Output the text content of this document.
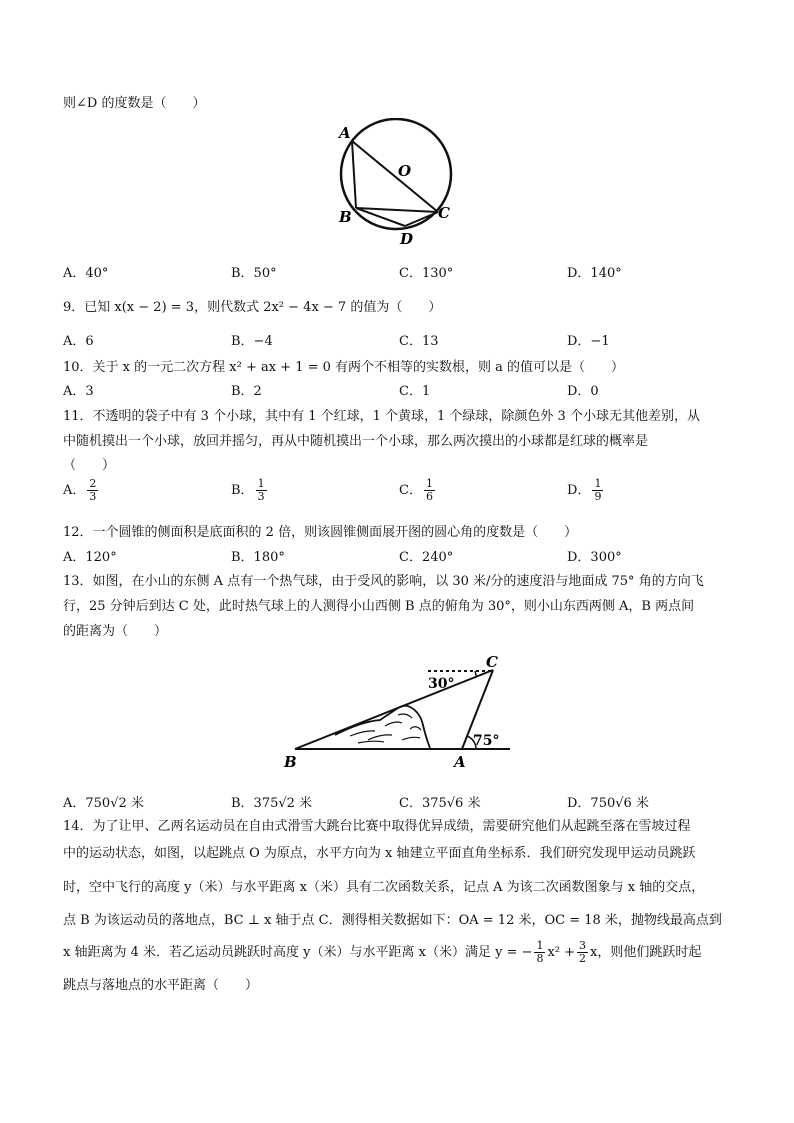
则∠D 的度数是（　　）
A
O
B	C
D
A．40°	B．50°	C．130°	D．140°
9．已知 x(x − 2) = 3，则代数式 2x² − 4x − 7 的值为（　　）
A．6	B．−4	C．13	D．−1
10．关于 x 的一元二次方程 x² + ax + 1 = 0 有两个不相等的实数根，则 a 的值可以是（　　）
A．3	B．2	C．1	D．0
11．不透明的袋子中有 3 个小球，其中有 1 个红球，1 个黄球，1 个绿球，除颜色外 3 个小球无其他差别，从
中随机摸出一个小球，放回并摇匀，再从中随机摸出一个小球，那么两次摸出的小球都是红球的概率是
（　　）
A． $\frac{2}{3}$	B． $\frac{1}{3}$	C． $\frac{1}{6}$	D． $\frac{1}{9}$
12．一个圆锥的侧面积是底面积的 2 倍，则该圆锥侧面展开图的圆心角的度数是（　　）
A．120°	B．180°	C．240°	D．300°
13．如图，在小山的东侧 A 点有一个热气球，由于受风的影响，以 30 米/分的速度沿与地面成 75° 角的方向飞
行，25 分钟后到达 C 处，此时热气球上的人测得小山西侧 B 点的俯角为 30°，则小山东西两侧 A，B 两点间
的距离为（　　）
C
B	A
30°
75°
A．750√2 米	B．375√2 米	C．375√6 米	D．750√6 米
14．为了让甲、乙两名运动员在自由式滑雪大跳台比赛中取得优异成绩，需要研究他们从起跳至落在雪坡过程
中的运动状态，如图，以起跳点 O 为原点，水平方向为 x 轴建立平面直角坐标系．我们研究发现甲运动员跳跃
时，空中飞行的高度 y（米）与水平距离 x（米）具有二次函数关系，记点 A 为该二次函数图象与 x 轴的交点，
点 B 为该运动员的落地点，BC ⊥ x 轴于点 C．测得相关数据如下：OA = 12 米，OC = 18 米，抛物线最高点到
x 轴距离为 4 米．若乙运动员跳跃时高度 y（米）与水平距离 x（米）满足 y = − $\frac{1}{8} x^2 + \frac{3}{2}$ x，则他们跳跃时起
跳点与落地点的水平距离（　　）
